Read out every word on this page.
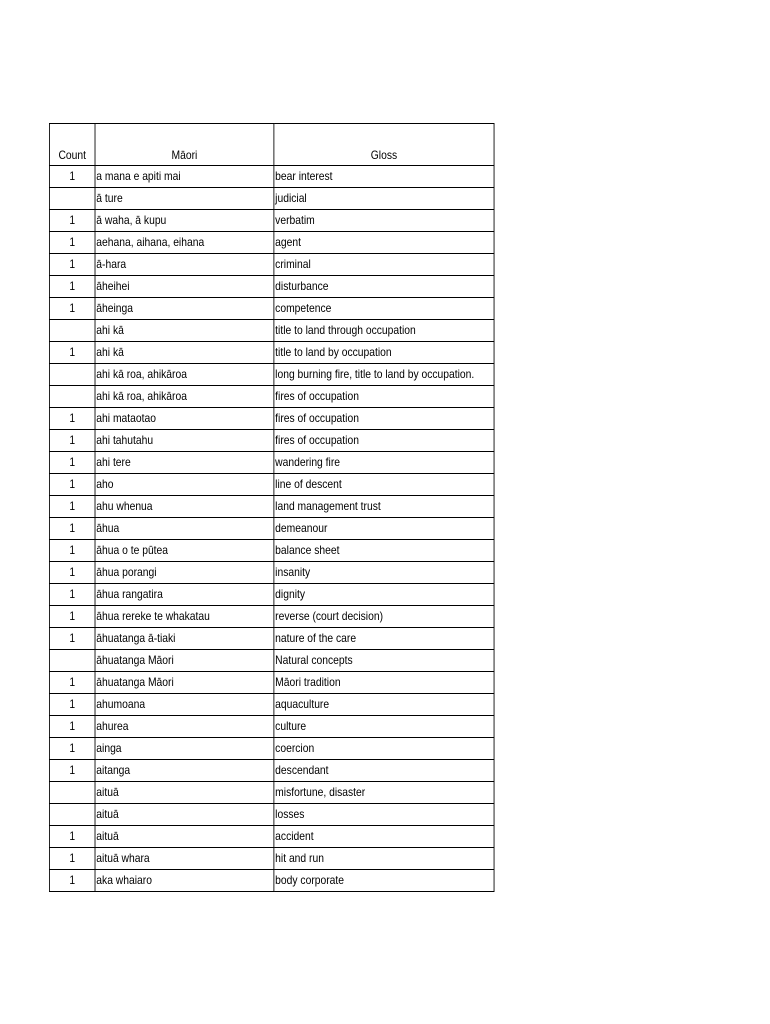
Count	Māori	Gloss
1	a mana e apiti mai	bear interest
	ā ture	judicial
1	ā waha, ā kupu	verbatim
1	aehana, aihana, eihana	agent
1	ā-hara	criminal
1	āheihei	disturbance
1	āheinga	competence
	ahi kā	title to land through occupation
1	ahi kā	title to land by occupation
	ahi kā roa, ahikāroa	long burning fire, title to land by occupation.
	ahi kā roa, ahikāroa	fires of occupation
1	ahi mataotao	fires of occupation
1	ahi tahutahu	fires of occupation
1	ahi tere	wandering fire
1	aho	line of descent
1	ahu whenua	land management trust
1	āhua	demeanour
1	āhua o te pūtea	balance sheet
1	āhua porangi	insanity
1	āhua rangatira	dignity
1	āhua rereke te whakatau	reverse (court decision)
1	āhuatanga ā-tiaki	nature of the care
	āhuatanga Māori	Natural concepts
1	āhuatanga Māori	Māori tradition
1	ahumoana	aquaculture
1	ahurea	culture
1	ainga	coercion
1	aitanga	descendant
	aituā	misfortune, disaster
	aituā	losses
1	aituā	accident
1	aituā whara	hit and run
1	aka whaiaro	body corporate
